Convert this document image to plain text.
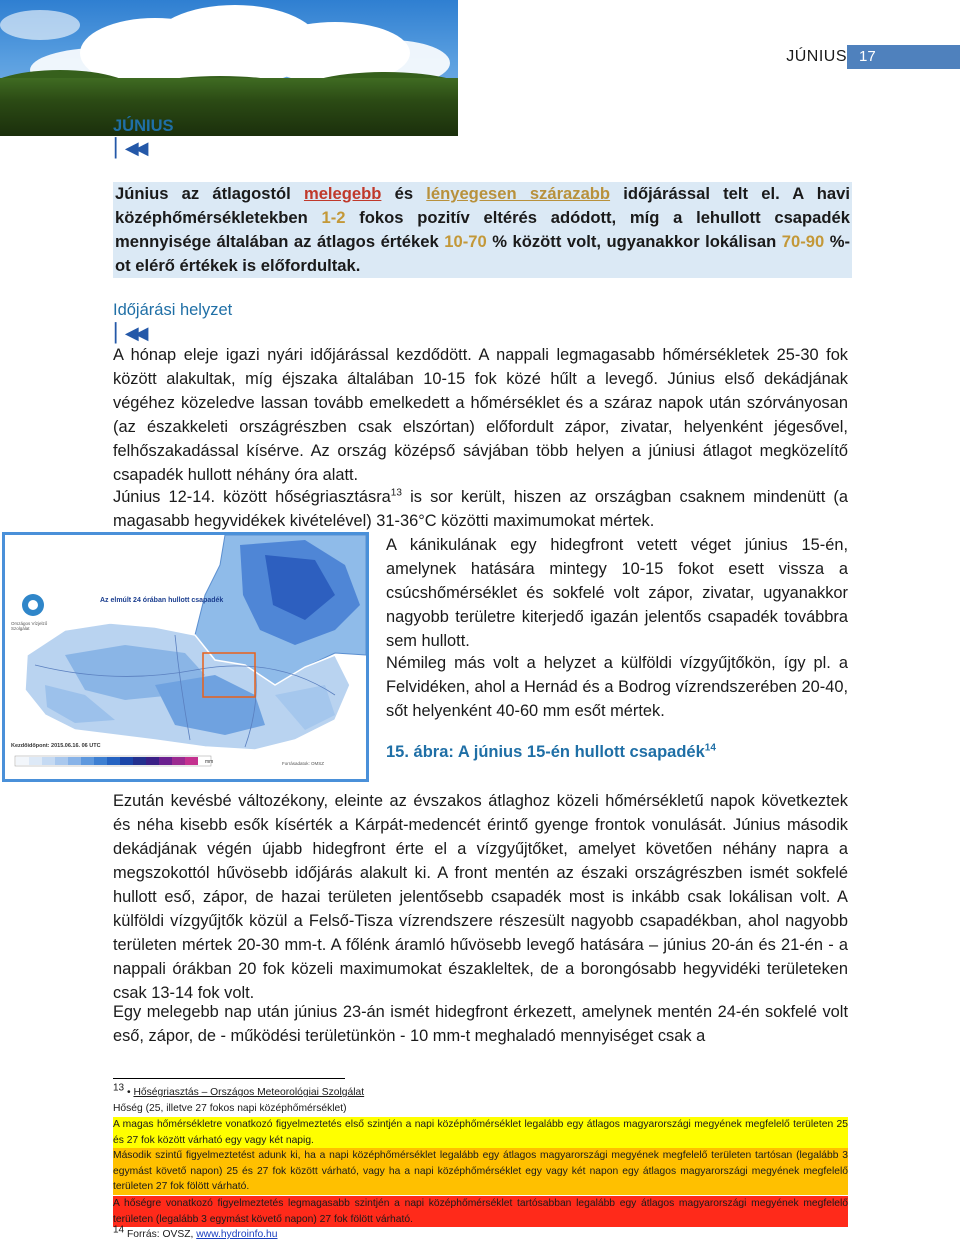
JÚNIUS 17
JÚNIUS
▏◀◀
Június az átlagostól melegebb és lényegesen szárazabb időjárással telt el. A havi középhőmérsékletekben 1-2 fokos pozitív eltérés adódott, míg a lehullott csapadék mennyisége általában az átlagos értékek 10-70 % között volt, ugyanakkor lokálisan 70-90 %-ot elérő értékek is előfordultak.
Időjárási helyzet
▏◀◀
A hónap eleje igazi nyári időjárással kezdődött. A nappali legmagasabb hőmérsékletek 25-30 fok között alakultak, míg éjszaka általában 10-15 fok közé hűlt a levegő. Június első dekádjának végéhez közeledve lassan tovább emelkedett a hőmérséklet és a száraz napok után szórványosan (az északkeleti országrészben csak elszórtan) előfordult zápor, zivatar, helyenként jégesővel, felhőszakadással kísérve. Az ország középső sávjában több helyen a júniusi átlagot megközelítő csapadék hullott néhány óra alatt.
Június 12-14. között hőségriasztásra$^{13}$ is sor került, hiszen az országban csaknem mindenütt (a magasabb hegyvidékek kivételével) 31-36°C közötti maximumokat mértek.
Az elmúlt 24 órában hullott csapadék
Országos Vízjelző Szolgálat
Kezdőidőpont: 2015.06.16. 06 UTC
Forrásadatok: OMSZ
mm
A kánikulának egy hidegfront vetett véget június 15-én, amelynek hatására mintegy 10-15 fokot esett vissza a csúcshőmérséklet és sokfelé volt zápor, zivatar, ugyanakkor nagyobb területre kiterjedő igazán jelentős csapadék továbbra sem hullott.
Némileg más volt a helyzet a külföldi vízgyűjtőkön, így pl. a Felvidéken, ahol a Hernád és a Bodrog vízrendszerében 20-40, sőt helyenként 40-60 mm esőt mértek.
15. ábra: A június 15-én hullott csapadék$^{14}$
Ezután kevésbé változékony, eleinte az évszakos átlaghoz közeli hőmérsékletű napok következtek és néha kisebb esők kísérték a Kárpát-medencét érintő gyenge frontok vonulását. Június második dekádjának végén újabb hidegfront érte el a vízgyűjtőket, amelyet követően néhány napra a megszokottól hűvösebb időjárás alakult ki. A front mentén az északi országrészben ismét sokfelé hullott eső, zápor, de hazai területen jelentősebb csapadék most is inkább csak lokálisan volt. A külföldi vízgyűjtők közül a Felső-Tisza vízrendszere részesült nagyobb csapadékban, ahol nagyobb területen mértek 20-30 mm-t. A főlénk áramló hűvösebb levegő hatására – június 20-án és 21-én - a nappali órákban 20 fok közeli maximumokat északleltek, de a borongósabb hegyvidéki területeken csak 13-14 fok volt.
Egy melegebb nap után június 23-án ismét hidegfront érkezett, amelynek mentén 24-én sokfelé volt eső, zápor, de - működési területünkön - 10 mm-t meghaladó mennyiséget csak a
$^{13}$ • Hőségriasztás – Országos Meteorológiai Szolgálat
Hőség (25, illetve 27 fokos napi középhőmérséklet)
A magas hőmérsékletre vonatkozó figyelmeztetés első szintjén a napi középhőmérséklet legalább egy átlagos magyarországi megyének megfelelő területen 25 és 27 fok között várható egy vagy két napig.
Második szintű figyelmeztetést adunk ki, ha a napi középhőmérséklet legalább egy átlagos magyarországi megyének megfelelő területen tartósan (legalább 3 egymást követő napon) 25 és 27 fok között várható, vagy ha a napi középhőmérséklet egy vagy két napon egy átlagos magyarországi megyének megfelelő területen 27 fok fölött várható.
A hőségre vonatkozó figyelmeztetés legmagasabb szintjén a napi középhőmérséklet tartósabban legalább egy átlagos magyarországi megyének megfelelő területen (legalább 3 egymást követő napon) 27 fok fölött várható.
$^{14}$ Forrás: OVSZ, www.hydroinfo.hu
